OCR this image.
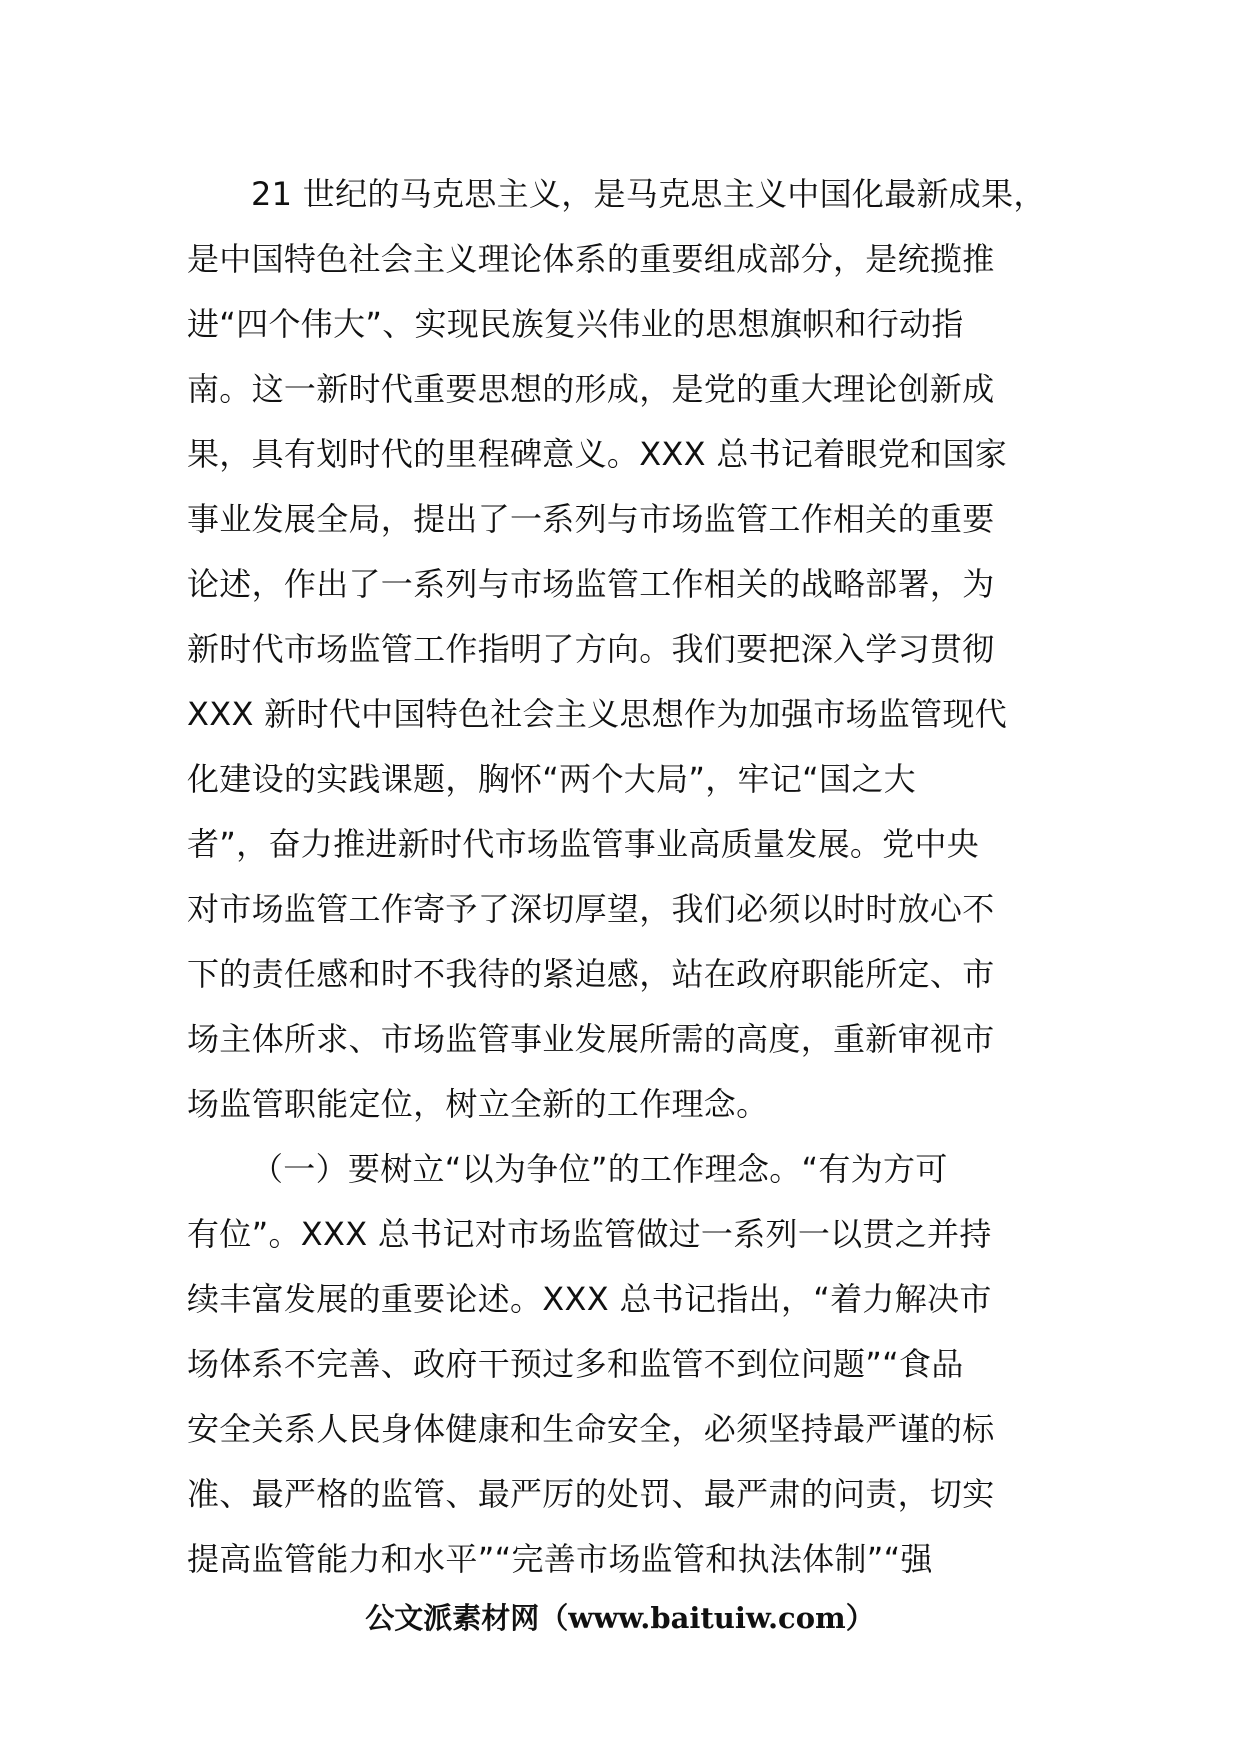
21 世纪的马克思主义，是马克思主义中国化最新成果，
是中国特色社会主义理论体系的重要组成部分，是统揽推
进“四个伟大”、实现民族复兴伟业的思想旗帜和行动指
南。这一新时代重要思想的形成，是党的重大理论创新成
果，具有划时代的里程碑意义。XXX 总书记着眼党和国家
事业发展全局，提出了一系列与市场监管工作相关的重要
论述，作出了一系列与市场监管工作相关的战略部署，为
新时代市场监管工作指明了方向。我们要把深入学习贯彻
XXX 新时代中国特色社会主义思想作为加强市场监管现代
化建设的实践课题，胸怀“两个大局”，牢记“国之大
者”，奋力推进新时代市场监管事业高质量发展。党中央
对市场监管工作寄予了深切厚望，我们必须以时时放心不
下的责任感和时不我待的紧迫感，站在政府职能所定、市
场主体所求、市场监管事业发展所需的高度，重新审视市
场监管职能定位，树立全新的工作理念。
（一）要树立“以为争位”的工作理念。“有为方可
有位”。XXX 总书记对市场监管做过一系列一以贯之并持
续丰富发展的重要论述。XXX 总书记指出，“着力解决市
场体系不完善、政府干预过多和监管不到位问题”“食品
安全关系人民身体健康和生命安全，必须坚持最严谨的标
准、最严格的监管、最严厉的处罚、最严肃的问责，切实
提高监管能力和水平”“完善市场监管和执法体制”“强
公文派素材网（www.baituiw.com）
